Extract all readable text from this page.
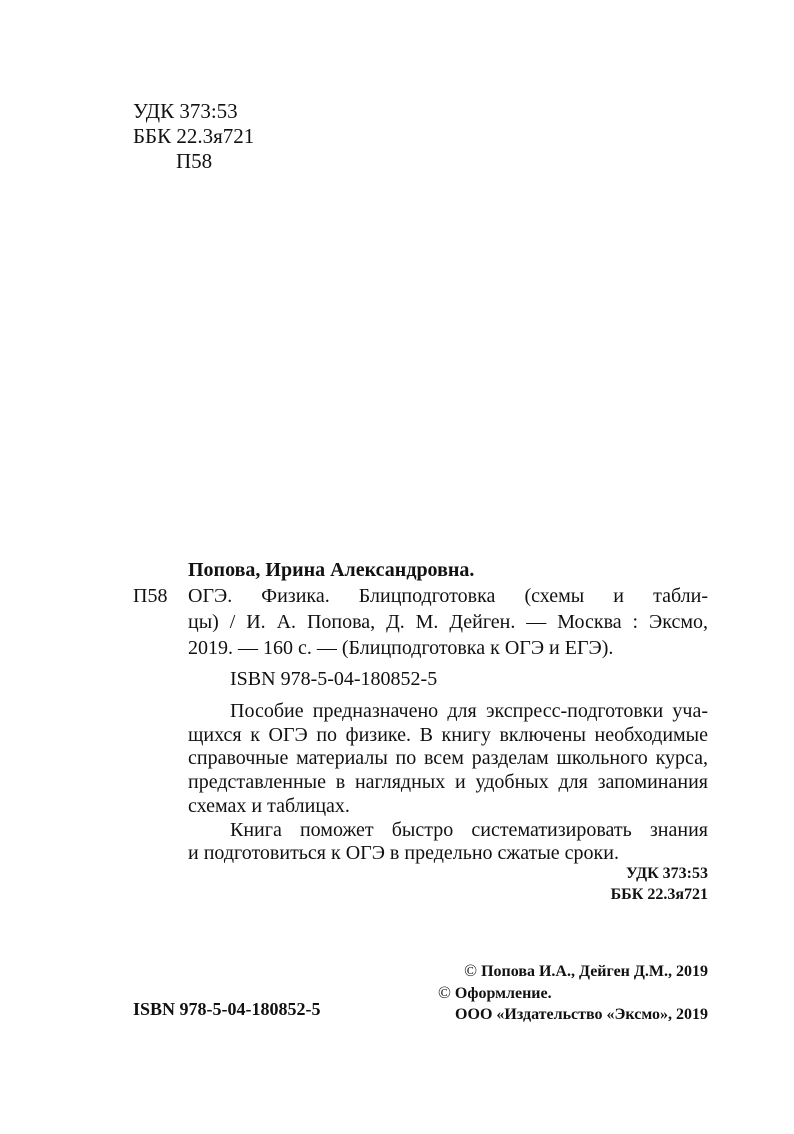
УДК 373:53
ББК 22.3я721
П58
Попова, Ирина Александровна.
П58 ОГЭ. Физика. Блицподготовка (схемы и табли-
цы) / И. А. Попова, Д. М. Дейген. — Москва : Эксмо,
2019. — 160 с. — (Блицподготовка к ОГЭ и ЕГЭ).
ISBN 978-5-04-180852-5
Пособие предназначено для экспресс-подготовки уча-
щихся к ОГЭ по физике. В книгу включены необходимые
справочные материалы по всем разделам школьного курса,
представленные в наглядных и удобных для запоминания
схемах и таблицах.
Книга поможет быстро систематизировать знания
и подготовиться к ОГЭ в предельно сжатые сроки.
УДК 373:53
ББК 22.3я721
ISBN 978-5-04-180852-5
© Попова И.А., Дейген Д.М., 2019
© Оформление.
ООО «Издательство «Эксмо», 2019
